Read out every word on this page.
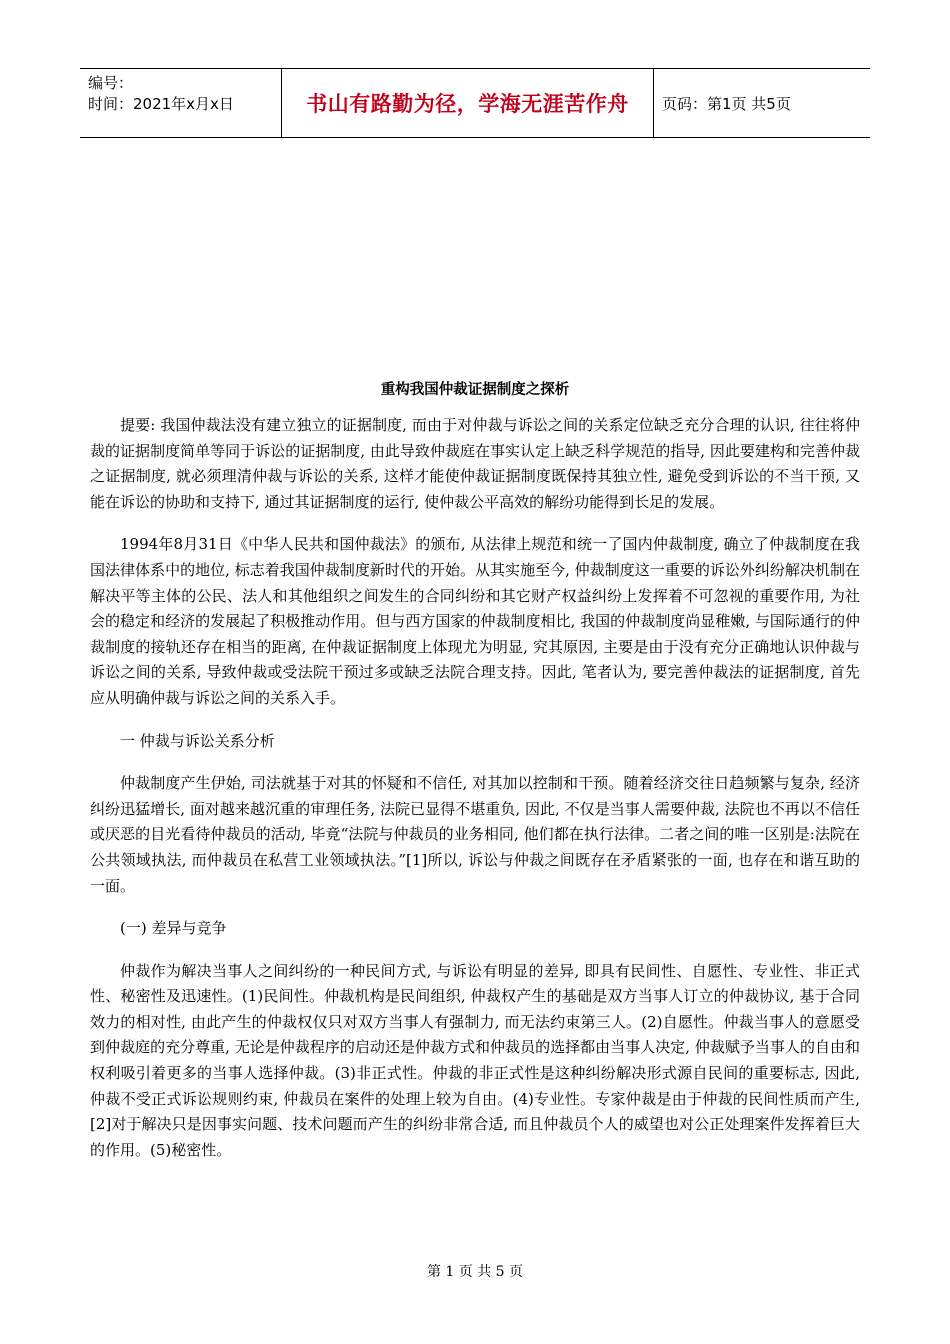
编号：
时间：2021年x月x日	书山有路勤为径，学海无涯苦作舟	页码：第1页 共5页
重构我国仲裁证据制度之探析

提要: 我国仲裁法没有建立独立的证据制度, 而由于对仲裁与诉讼之间的关系定位缺乏充分合理的认识, 往往将仲裁的证据制度简单等同于诉讼的证据制度, 由此导致仲裁庭在事实认定上缺乏科学规范的指导, 因此要建构和完善仲裁之证据制度, 就必须理清仲裁与诉讼的关系, 这样才能使仲裁证据制度既保持其独立性, 避免受到诉讼的不当干预, 又能在诉讼的协助和支持下, 通过其证据制度的运行, 使仲裁公平高效的解纷功能得到长足的发展。

1994年8月31日《中华人民共和国仲裁法》的颁布, 从法律上规范和统一了国内仲裁制度, 确立了仲裁制度在我国法律体系中的地位, 标志着我国仲裁制度新时代的开始。从其实施至今, 仲裁制度这一重要的诉讼外纠纷解决机制在解决平等主体的公民、法人和其他组织之间发生的合同纠纷和其它财产权益纠纷上发挥着不可忽视的重要作用, 为社会的稳定和经济的发展起了积极推动作用。但与西方国家的仲裁制度相比, 我国的仲裁制度尚显稚嫩, 与国际通行的仲裁制度的接轨还存在相当的距离, 在仲裁证据制度上体现尤为明显, 究其原因, 主要是由于没有充分正确地认识仲裁与诉讼之间的关系, 导致仲裁或受法院干预过多或缺乏法院合理支持。因此, 笔者认为, 要完善仲裁法的证据制度, 首先应从明确仲裁与诉讼之间的关系入手。

一 仲裁与诉讼关系分析

仲裁制度产生伊始, 司法就基于对其的怀疑和不信任, 对其加以控制和干预。随着经济交往日趋频繁与复杂, 经济纠纷迅猛增长, 面对越来越沉重的审理任务, 法院已显得不堪重负, 因此, 不仅是当事人需要仲裁, 法院也不再以不信任或厌恶的目光看待仲裁员的活动, 毕竟“法院与仲裁员的业务相同, 他们都在执行法律。二者之间的唯一区别是:法院在公共领域执法, 而仲裁员在私营工业领域执法。”[1]所以, 诉讼与仲裁之间既存在矛盾紧张的一面, 也存在和谐互助的一面。

(一) 差异与竞争

仲裁作为解决当事人之间纠纷的一种民间方式, 与诉讼有明显的差异, 即具有民间性、自愿性、专业性、非正式性、秘密性及迅速性。(1)民间性。仲裁机构是民间组织, 仲裁权产生的基础是双方当事人订立的仲裁协议, 基于合同效力的相对性, 由此产生的仲裁权仅只对双方当事人有强制力, 而无法约束第三人。(2)自愿性。仲裁当事人的意愿受到仲裁庭的充分尊重, 无论是仲裁程序的启动还是仲裁方式和仲裁员的选择都由当事人决定, 仲裁赋予当事人的自由和权利吸引着更多的当事人选择仲裁。(3)非正式性。仲裁的非正式性是这种纠纷解决形式源自民间的重要标志, 因此, 仲裁不受正式诉讼规则约束, 仲裁员在案件的处理上较为自由。(4)专业性。专家仲裁是由于仲裁的民间性质而产生, [2]对于解决只是因事实问题、技术问题而产生的纠纷非常合适, 而且仲裁员个人的威望也对公正处理案件发挥着巨大的作用。(5)秘密性。

第 1 页 共 5 页
